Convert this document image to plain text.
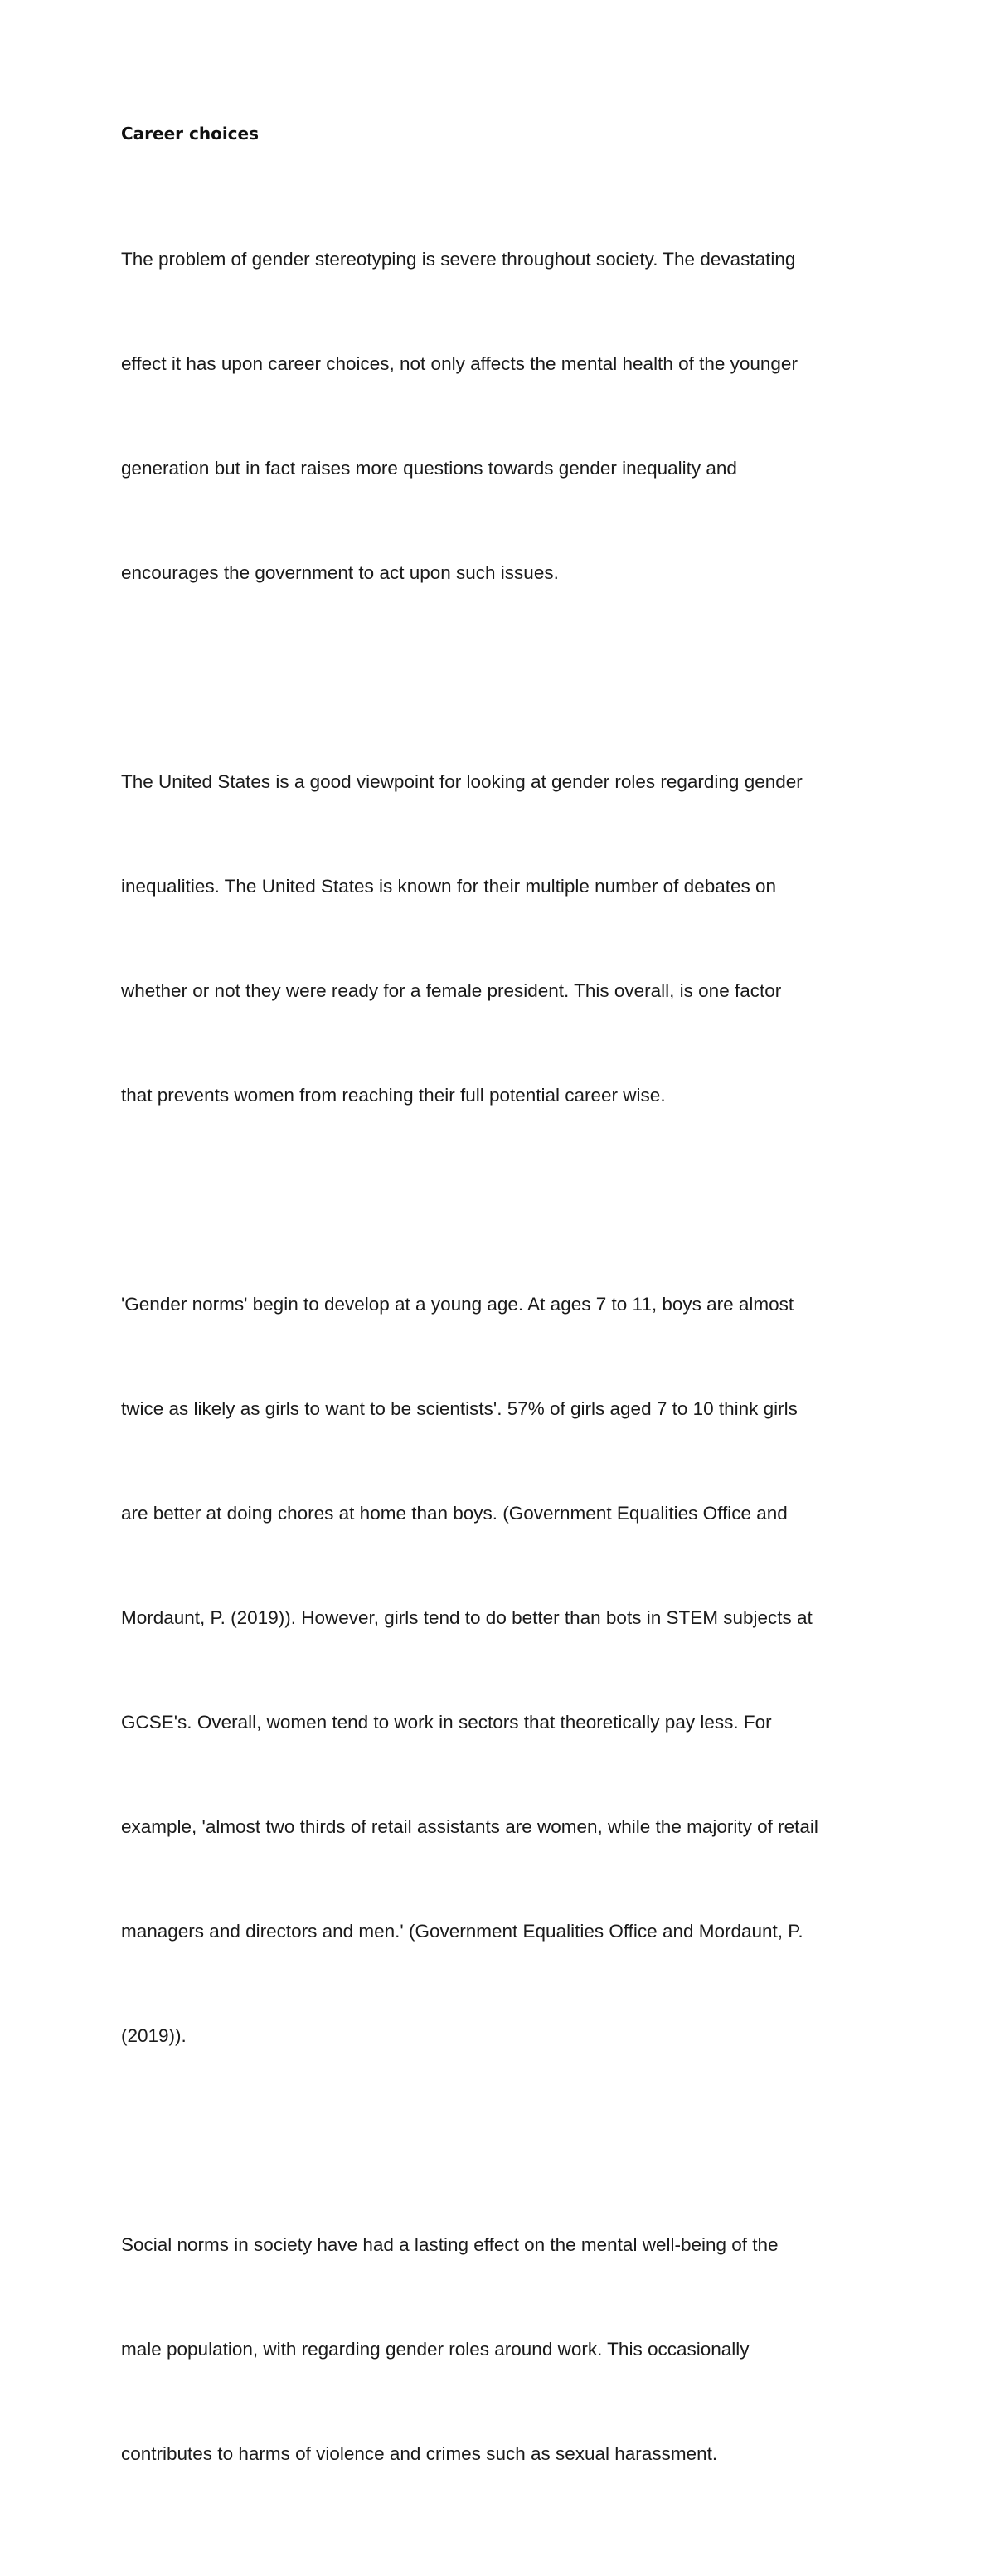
Career choices

The problem of gender stereotyping is severe throughout society. The devastating

effect it has upon career choices, not only affects the mental health of the younger

generation but in fact raises more questions towards gender inequality and

encourages the government to act upon such issues.

The United States is a good viewpoint for looking at gender roles regarding gender

inequalities. The United States is known for their multiple number of debates on

whether or not they were ready for a female president. This overall, is one factor

that prevents women from reaching their full potential career wise.

'Gender norms' begin to develop at a young age. At ages 7 to 11, boys are almost

twice as likely as girls to want to be scientists'. 57% of girls aged 7 to 10 think girls

are better at doing chores at home than boys. (Government Equalities Office and

Mordaunt, P. (2019)). However, girls tend to do better than bots in STEM subjects at

GCSE's. Overall, women tend to work in sectors that theoretically pay less. For

example, 'almost two thirds of retail assistants are women, while the majority of retail

managers and directors and men.' (Government Equalities Office and Mordaunt, P.

(2019)).

Social norms in society have had a lasting effect on the mental well-being of the

male population, with regarding gender roles around work. This occasionally

contributes to harms of violence and crimes such as sexual harassment.
